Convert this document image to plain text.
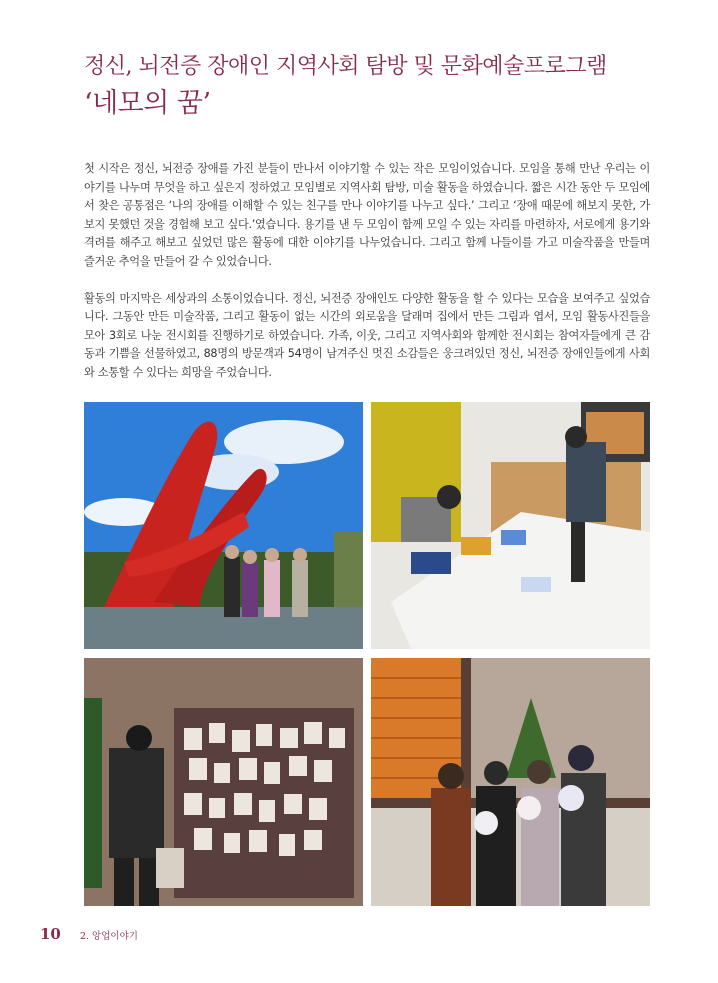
정신, 뇌전증 장애인 지역사회 탐방 및 문화예술프로그램
‘네모의 꿈’

첫 시작은 정신, 뇌전증 장애를 가진 분들이 만나서 이야기할 수 있는 작은 모임이었습니다. 모임을 통해 만난 우리는 이야기를 나누며 무엇을 하고 싶은지 정하였고 모임별로 지역사회 탐방, 미술 활동을 하였습니다. 짧은 시간 동안 두 모임에서 찾은 공통점은 ‘나의 장애를 이해할 수 있는 친구를 만나 이야기를 나누고 싶다.’ 그리고 ‘장애 때문에 해보지 못한, 가보지 못했던 것을 경험해 보고 싶다.’였습니다. 용기를 낸 두 모임이 함께 모일 수 있는 자리를 마련하자, 서로에게 용기와 격려를 해주고 해보고 싶었던 많은 활동에 대한 이야기를 나누었습니다. 그리고 함께 나들이를 가고 미술작품을 만들며 즐거운 추억을 만들어 갈 수 있었습니다.

활동의 마지막은 세상과의 소통이었습니다. 정신, 뇌전증 장애인도 다양한 활동을 할 수 있다는 모습을 보여주고 싶었습니다. 그동안 만든 미술작품, 그리고 활동이 없는 시간의 외로움을 달래며 집에서 만든 그림과 엽서, 모임 활동사진들을 모아 3회로 나눈 전시회를 진행하기로 하였습니다. 가족, 이웃, 그리고 지역사회와 함께한 전시회는 참여자들에게 큰 감동과 기쁨을 선물하였고, 88명의 방문객과 54명이 남겨주신 멋진 소감들은 웅크려있던 정신, 뇌전증 장애인들에게 사회와 소통할 수 있다는 희망을 주었습니다.

10 2. 앙업이야기
